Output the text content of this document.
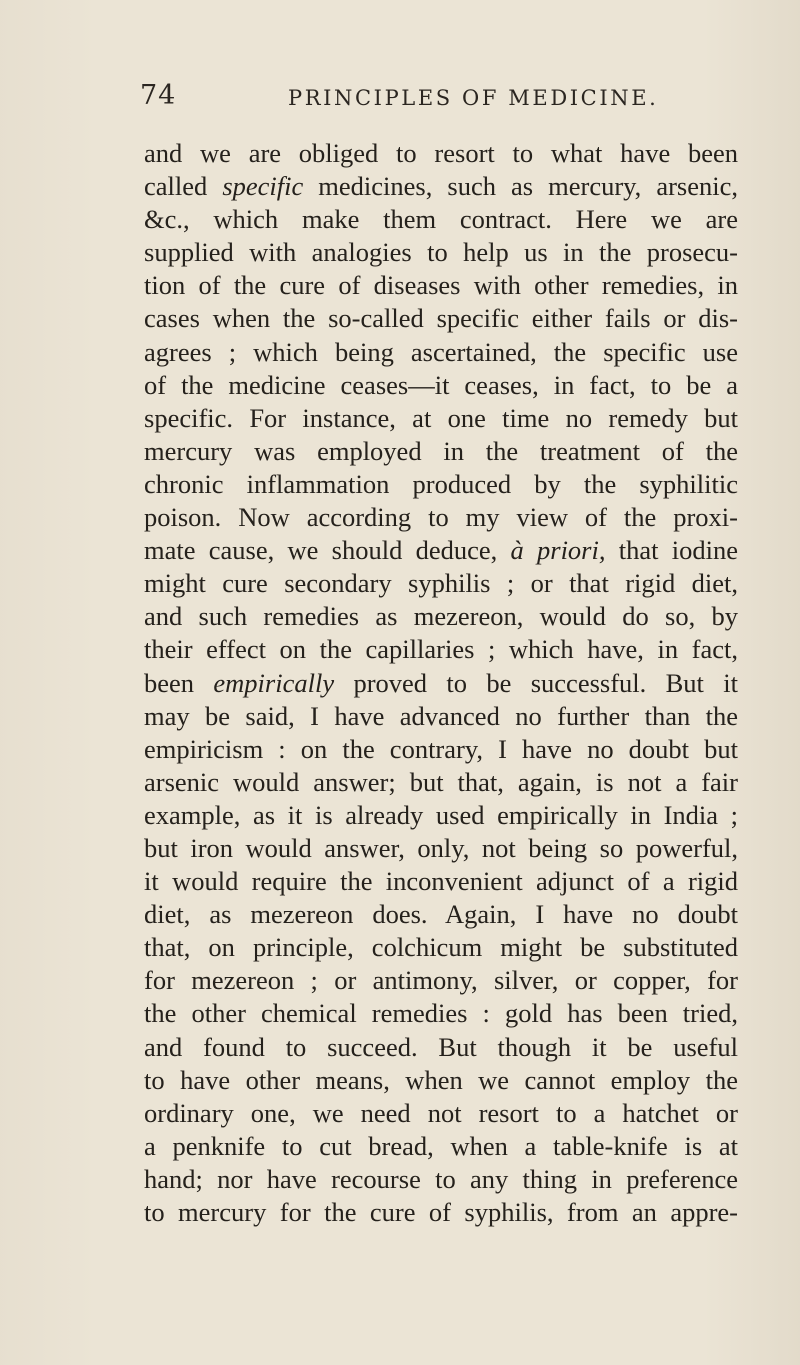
74	PRINCIPLES OF MEDICINE.
and we are obliged to resort to what have been
called specific medicines, such as mercury, arsenic,
&c., which make them contract. Here we are
supplied with analogies to help us in the prosecu-
tion of the cure of diseases with other remedies, in
cases when the so-called specific either fails or dis-
agrees ; which being ascertained, the specific use
of the medicine ceases—it ceases, in fact, to be a
specific. For instance, at one time no remedy but
mercury was employed in the treatment of the
chronic inflammation produced by the syphilitic
poison. Now according to my view of the proxi-
mate cause, we should deduce, à priori, that iodine
might cure secondary syphilis ; or that rigid diet,
and such remedies as mezereon, would do so, by
their effect on the capillaries ; which have, in fact,
been empirically proved to be successful. But it
may be said, I have advanced no further than the
empiricism : on the contrary, I have no doubt but
arsenic would answer; but that, again, is not a fair
example, as it is already used empirically in India ;
but iron would answer, only, not being so powerful,
it would require the inconvenient adjunct of a rigid
diet, as mezereon does. Again, I have no doubt
that, on principle, colchicum might be substituted
for mezereon ; or antimony, silver, or copper, for
the other chemical remedies : gold has been tried,
and found to succeed. But though it be useful
to have other means, when we cannot employ the
ordinary one, we need not resort to a hatchet or
a penknife to cut bread, when a table-knife is at
hand; nor have recourse to any thing in preference
to mercury for the cure of syphilis, from an appre-
